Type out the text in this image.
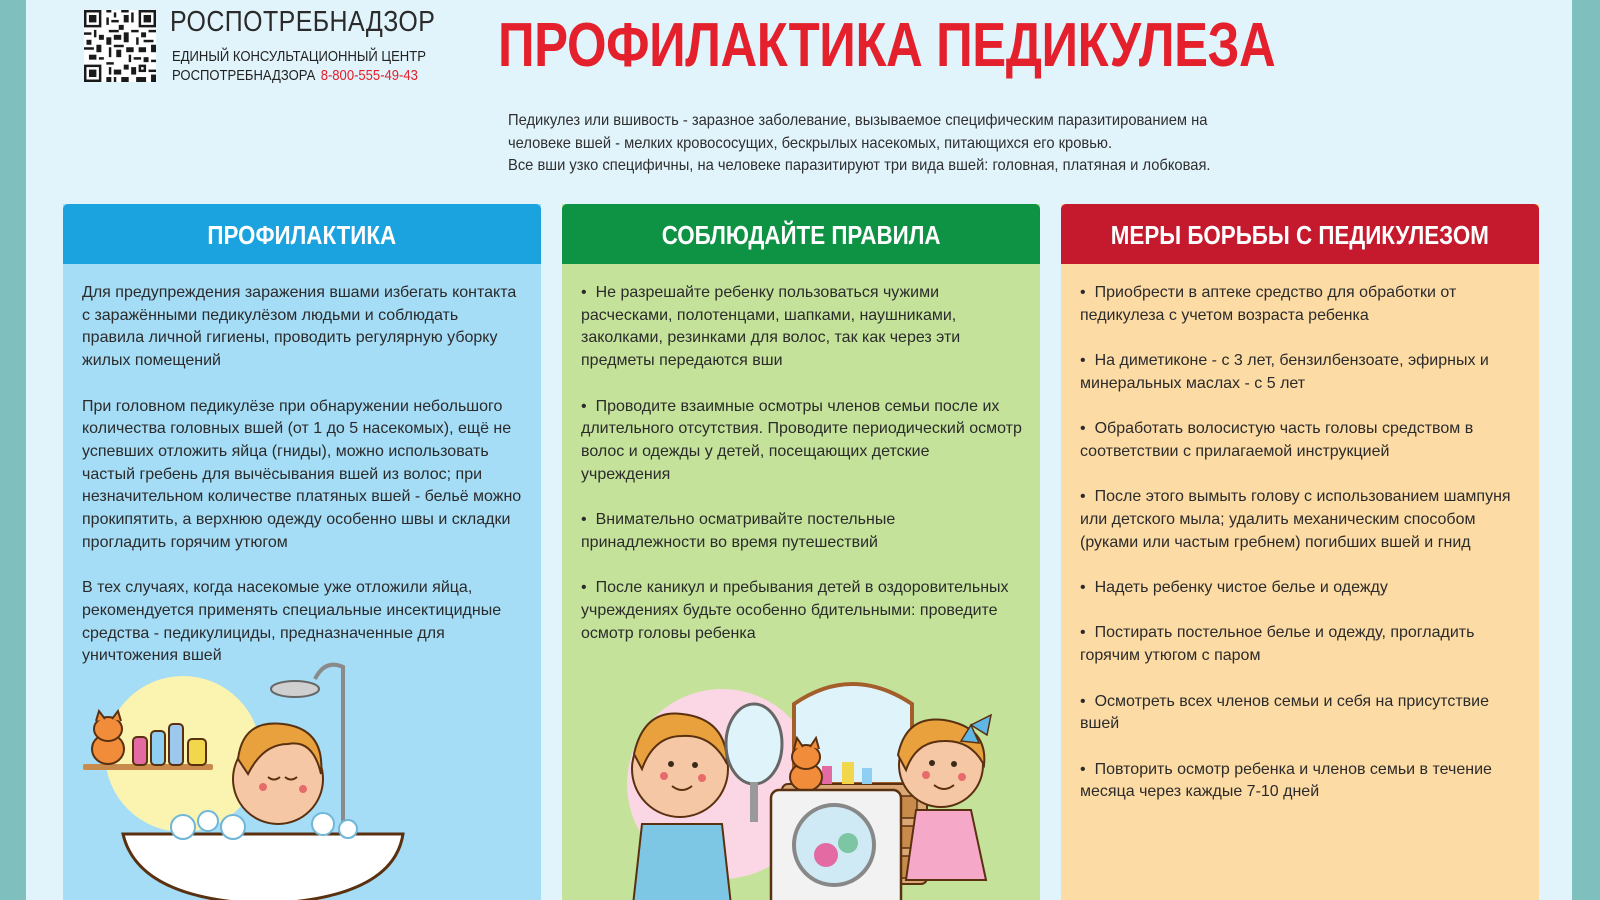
РОСПОТРЕБНАДЗОР
ЕДИНЫЙ КОНСУЛЬТАЦИОННЫЙ ЦЕНТР
РОСПОТРЕБНАДЗОРА 8-800-555-49-43 ПРОФИЛАКТИКА ПЕДИКУЛЕЗА

Педикулез или вшивость - заразное заболевание, вызываемое специфическим паразитированием на

человеке вшей - мелких кровососущих, бескрылых насекомых, питающихся его кровью.

Все вши узко специфичны, на человеке паразитируют три вида вшей: головная, платяная и лобковая.

ПРОФИЛАКТИКА

Для предупреждения заражения вшами избегать контакта с заражёнными педикулёзом людьми и соблюдать правила личной гигиены, проводить регулярную уборку жилых помещений

При головном педикулёзе при обнаружении небольшого количества головных вшей (от 1 до 5 насекомых), ещё не успевших отложить яйца (гниды), можно использовать частый гребень для вычёсывания вшей из волос; при незначительном количестве платяных вшей - бельё можно прокипятить, а верхнюю одежду особенно швы и складки прогладить горячим утюгом

В тех случаях, когда насекомые уже отложили яйца, рекомендуется применять специальные инсектицидные средства - педикулициды, предназначенные для уничтожения вшей

СОБЛЮДАЙТЕ ПРАВИЛА

• Не разрешайте ребенку пользоваться чужими расческами, полотенцами, шапками, наушниками, заколками, резинками для волос, так как через эти предметы передаются вши

• Проводите взаимные осмотры членов семьи после их длительного отсутствия. Проводите периодический осмотр волос и одежды у детей, посещающих детские учреждения

• Внимательно осматривайте постельные принадлежности во время путешествий

• После каникул и пребывания детей в оздоровительных учреждениях будьте особенно бдительными: проведите осмотр головы ребенка

МЕРЫ БОРЬБЫ С ПЕДИКУЛЕЗОМ

• Приобрести в аптеке средство для обработки от педикулеза с учетом возраста ребенка

• На диметиконе - с 3 лет, бензилбензоате, эфирных и минеральных маслах - с 5 лет

• Обработать волосистую часть головы средством в соответствии с прилагаемой инструкцией

• После этого вымыть голову с использованием шампуня или детского мыла; удалить механическим способом (руками или частым гребнем) погибших вшей и гнид

• Надеть ребенку чистое белье и одежду

• Постирать постельное белье и одежду, прогладить горячим утюгом с паром

• Осмотреть всех членов семьи и себя на присутствие вшей

• Повторить осмотр ребенка и членов семьи в течение месяца через каждые 7-10 дней
